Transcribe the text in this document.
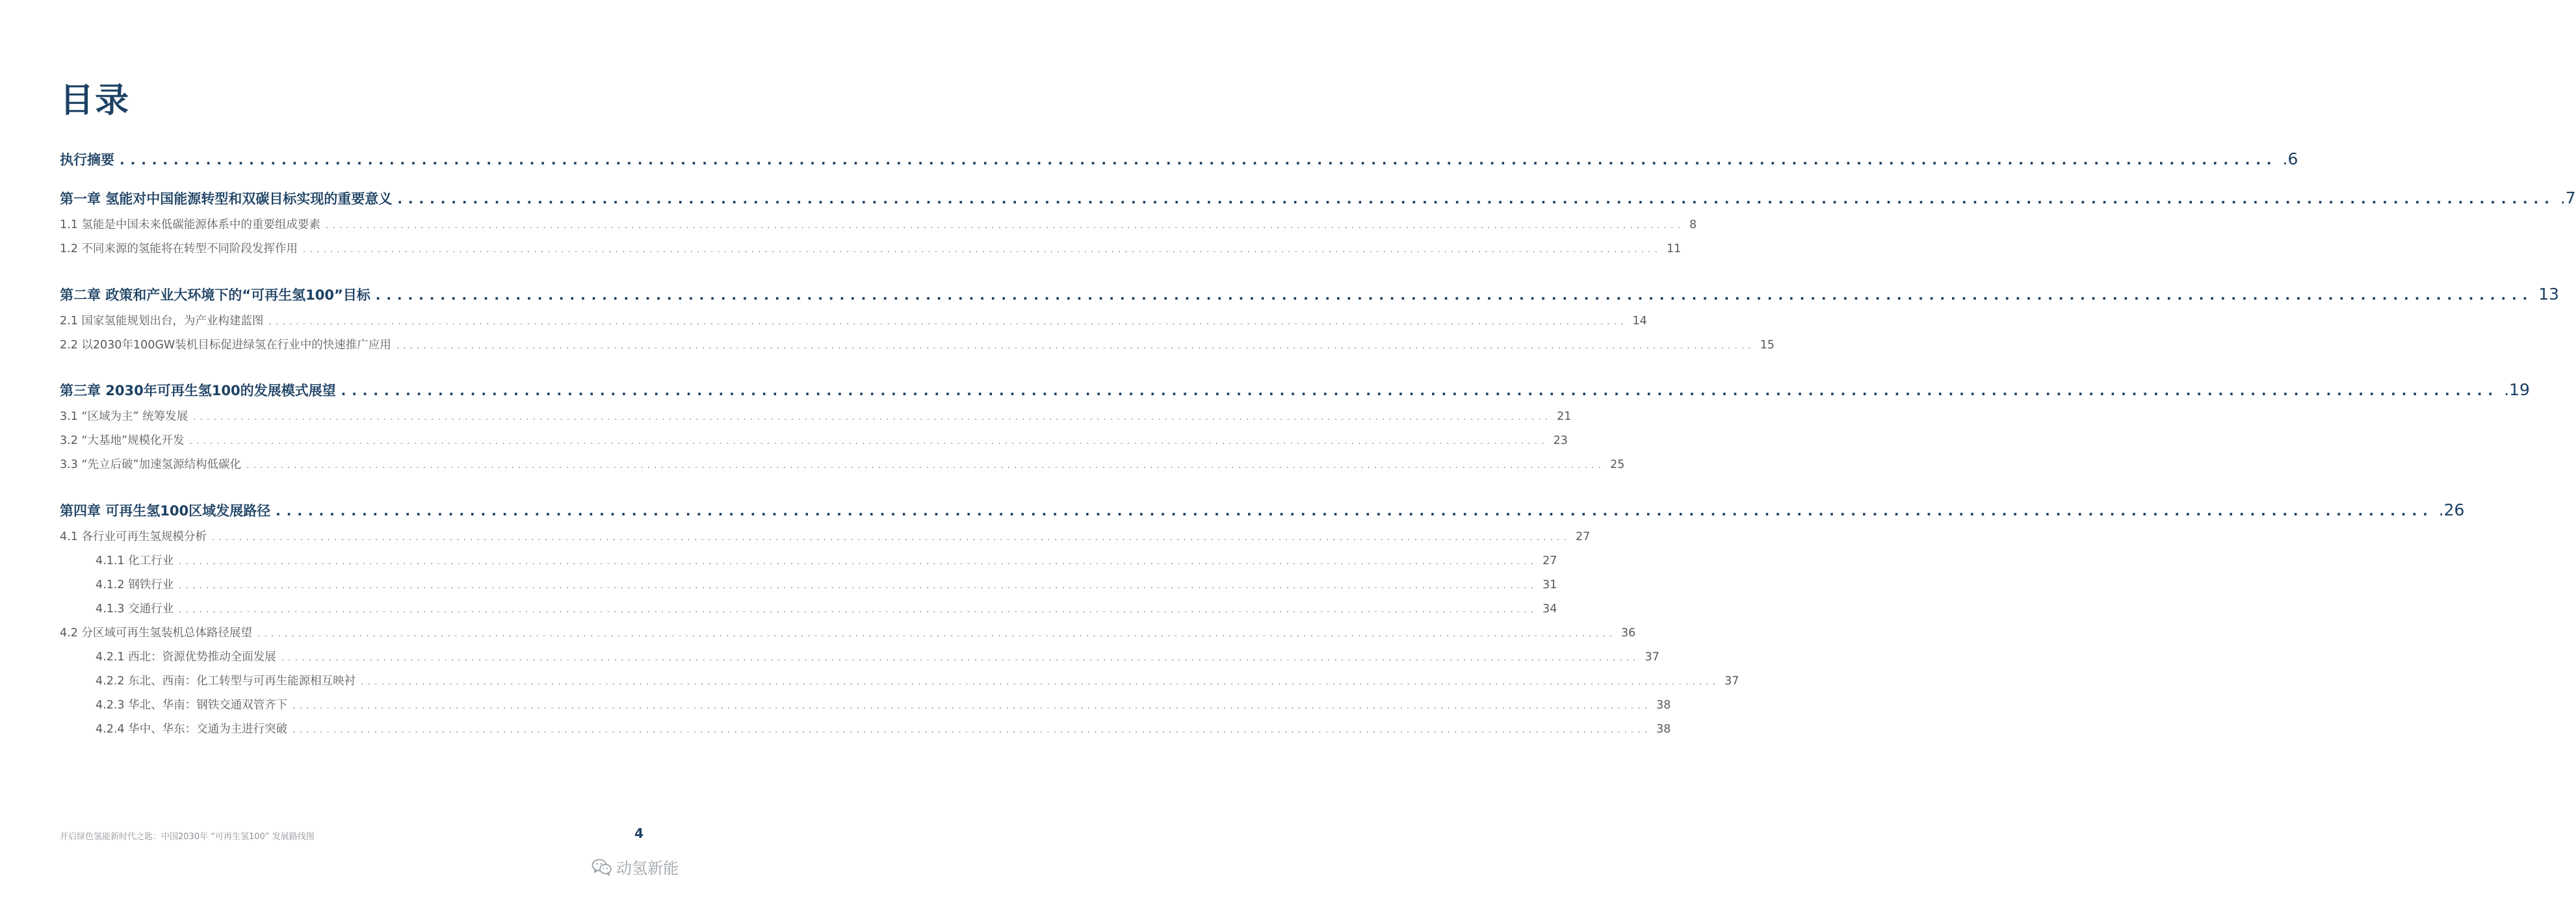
目录
执行摘要 ........................................................................................................................................................................................................ .6
第一章 氢能对中国能源转型和双碳目标实现的重要意义 ........................................................................................................................................................................................................ .7
1.1 氢能是中国未来低碳能源体系中的重要组成要素 ........................................................................................................................................................................................................ 8
1.2 不同来源的氢能将在转型不同阶段发挥作用 ........................................................................................................................................................................................................ 11
第二章 政策和产业大环境下的“可再生氢100”目标 ........................................................................................................................................................................................................ 13
2.1 国家氢能规划出台，为产业构建蓝图 ........................................................................................................................................................................................................ 14
2.2 以2030年100GW装机目标促进绿氢在行业中的快速推广应用 ........................................................................................................................................................................................................ 15
第三章 2030年可再生氢100的发展模式展望 ........................................................................................................................................................................................................ .19
3.1 “区域为主” 统筹发展 ........................................................................................................................................................................................................ 21
3.2 “大基地”规模化开发 ........................................................................................................................................................................................................ 23
3.3 “先立后破”加速氢源结构低碳化 ........................................................................................................................................................................................................ 25
第四章 可再生氢100区域发展路径 ........................................................................................................................................................................................................ .26
4.1 各行业可再生氢规模分析 ........................................................................................................................................................................................................ 27
4.1.1 化工行业 ........................................................................................................................................................................................................ 27
4.1.2 钢铁行业 ........................................................................................................................................................................................................ 31
4.1.3 交通行业 ........................................................................................................................................................................................................ 34
4.2 分区域可再生氢装机总体路径展望 ........................................................................................................................................................................................................ 36
4.2.1 西北：资源优势推动全面发展 ........................................................................................................................................................................................................ 37
4.2.2 东北、西南：化工转型与可再生能源相互映衬 ........................................................................................................................................................................................................ 37
4.2.3 华北、华南：钢铁交通双管齐下 ........................................................................................................................................................................................................ 38
4.2.4 华中、华东：交通为主进行突破 ........................................................................................................................................................................................................ 38
开启绿色氢能新时代之匙：中国2030年 “可再生氢100” 发展路线图	4
动氢新能
